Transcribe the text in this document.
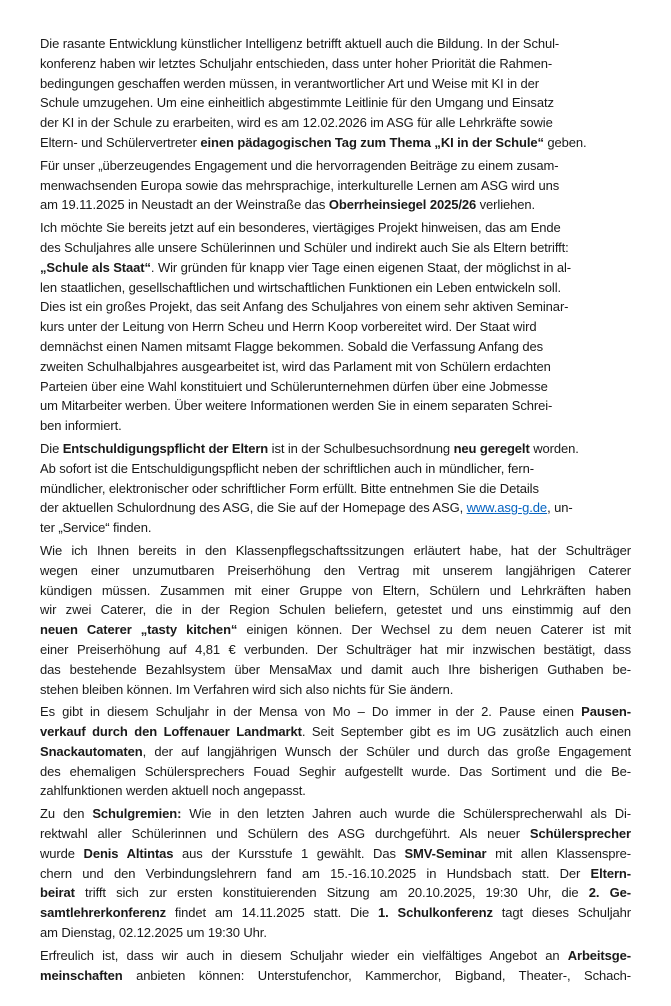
Die rasante Entwicklung künstlicher Intelligenz betrifft aktuell auch die Bildung. In der Schul-
konferenz haben wir letztes Schuljahr entschieden, dass unter hoher Priorität die Rahmen-
bedingungen geschaffen werden müssen, in verantwortlicher Art und Weise mit KI in der
Schule umzugehen. Um eine einheitlich abgestimmte Leitlinie für den Umgang und Einsatz
der KI in der Schule zu erarbeiten, wird es am 12.02.2026 im ASG für alle Lehrkräfte sowie
Eltern- und Schülervertreter einen pädagogischen Tag zum Thema „KI in der Schule“ geben.
Für unser „überzeugendes Engagement und die hervorragenden Beiträge zu einem zusam-
menwachsenden Europa sowie das mehrsprachige, interkulturelle Lernen am ASG wird uns
am 19.11.2025 in Neustadt an der Weinstraße das Oberrheinsiegel 2025/26 verliehen.
Ich möchte Sie bereits jetzt auf ein besonderes, viertägiges Projekt hinweisen, das am Ende
des Schuljahres alle unsere Schülerinnen und Schüler und indirekt auch Sie als Eltern betrifft:
„Schule als Staat“. Wir gründen für knapp vier Tage einen eigenen Staat, der möglichst in al-
len staatlichen, gesellschaftlichen und wirtschaftlichen Funktionen ein Leben entwickeln soll.
Dies ist ein großes Projekt, das seit Anfang des Schuljahres von einem sehr aktiven Seminar-
kurs unter der Leitung von Herrn Scheu und Herrn Koop vorbereitet wird. Der Staat wird
demnächst einen Namen mitsamt Flagge bekommen. Sobald die Verfassung Anfang des
zweiten Schulhalbjahres ausgearbeitet ist, wird das Parlament mit von Schülern erdachten
Parteien über eine Wahl konstituiert und Schülerunternehmen dürfen über eine Jobmesse
um Mitarbeiter werben. Über weitere Informationen werden Sie in einem separaten Schrei-
ben informiert.
Die Entschuldigungspflicht der Eltern ist in der Schulbesuchsordnung neu geregelt worden.
Ab sofort ist die Entschuldigungspflicht neben der schriftlichen auch in mündlicher, fern-
mündlicher, elektronischer oder schriftlicher Form erfüllt. Bitte entnehmen Sie die Details
der aktuellen Schulordnung des ASG, die Sie auf der Homepage des ASG, www.asg-g.de, un-
ter „Service“ finden.
Wie ich Ihnen bereits in den Klassenpflegschaftssitzungen erläutert habe, hat der Schulträger
wegen einer unzumutbaren Preiserhöhung den Vertrag mit unserem langjährigen Caterer
kündigen müssen. Zusammen mit einer Gruppe von Eltern, Schülern und Lehrkräften haben
wir zwei Caterer, die in der Region Schulen beliefern, getestet und uns einstimmig auf den
neuen Caterer „tasty kitchen“ einigen können. Der Wechsel zu dem neuen Caterer ist mit
einer Preiserhöhung auf 4,81 € verbunden. Der Schulträger hat mir inzwischen bestätigt, dass
das bestehende Bezahlsystem über MensaMax und damit auch Ihre bisherigen Guthaben be-
stehen bleiben können. Im Verfahren wird sich also nichts für Sie ändern.
Es gibt in diesem Schuljahr in der Mensa von Mo – Do immer in der 2. Pause einen Pausen-
verkauf durch den Loffenauer Landmarkt. Seit September gibt es im UG zusätzlich auch einen
Snackautomaten, der auf langjährigen Wunsch der Schüler und durch das große Engagement
des ehemaligen Schülersprechers Fouad Seghir aufgestellt wurde. Das Sortiment und die Be-
zahlfunktionen werden aktuell noch angepasst.
Zu den Schulgremien: Wie in den letzten Jahren auch wurde die Schülersprecherwahl als Di-
rektwahl aller Schülerinnen und Schülern des ASG durchgeführt. Als neuer Schülersprecher
wurde Denis Altintas aus der Kursstufe 1 gewählt. Das SMV-Seminar mit allen Klassenspre-
chern und den Verbindungslehrern fand am 15.-16.10.2025 in Hundsbach statt. Der Eltern-
beirat trifft sich zur ersten konstituierenden Sitzung am 20.10.2025, 19:30 Uhr, die 2. Ge-
samtlehrerkonferenz findet am 14.11.2025 statt. Die 1. Schulkonferenz tagt dieses Schuljahr
am Dienstag, 02.12.2025 um 19:30 Uhr.
Erfreulich ist, dass wir auch in diesem Schuljahr wieder ein vielfältiges Angebot an Arbeitsge-
meinschaften anbieten können: Unterstufenchor, Kammerchor, Bigband, Theater-, Schach-
